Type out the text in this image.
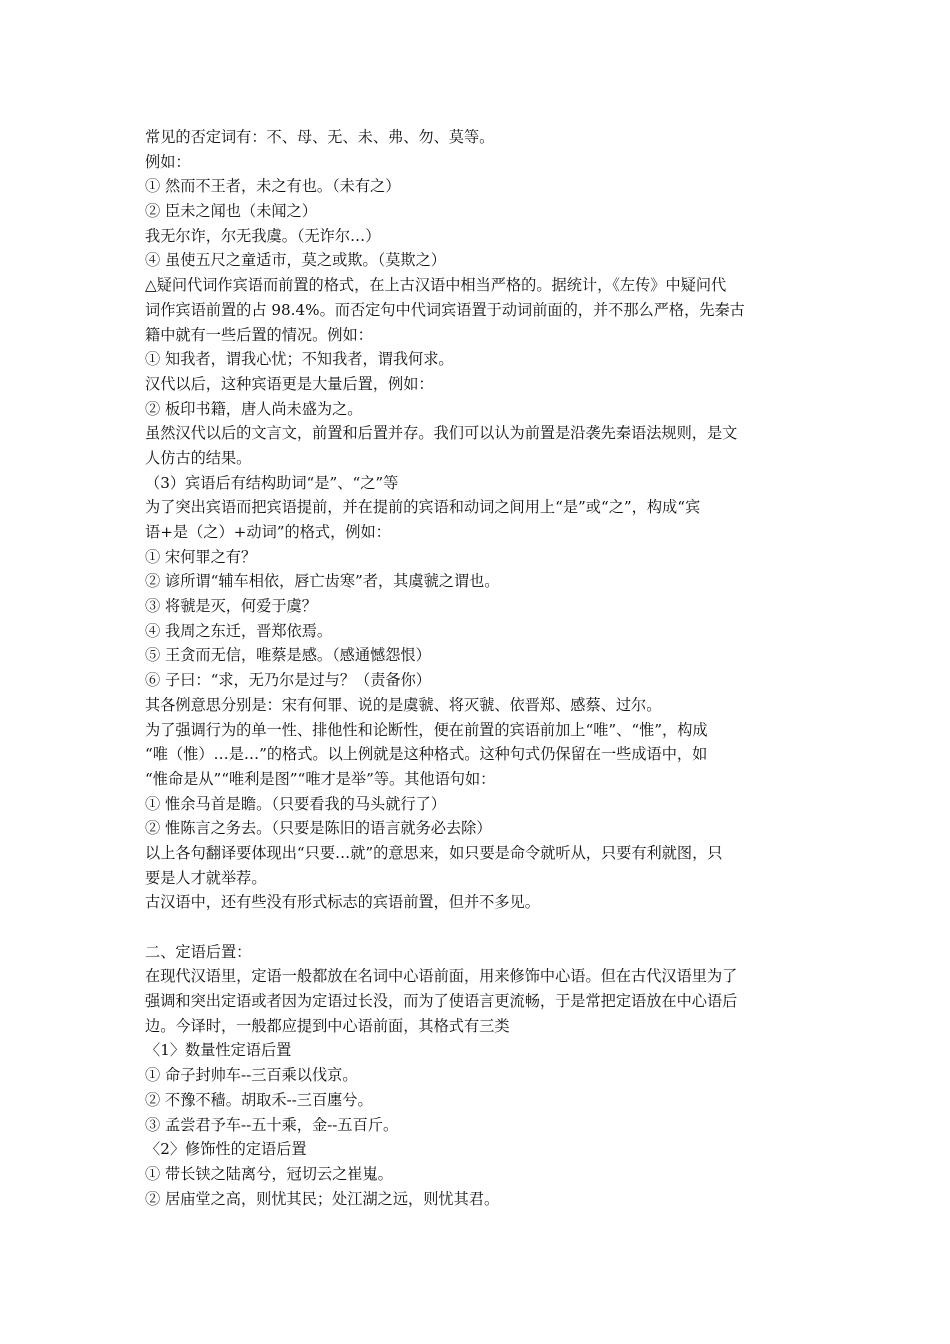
常见的否定词有：不、母、无、未、弗、勿、莫等。
例如：
① 然而不王者，未之有也。（未有之）
② 臣未之闻也（未闻之）
我无尔诈，尔无我虞。（无诈尔…）
④ 虽使五尺之童适市，莫之或欺。（莫欺之）
△疑问代词作宾语而前置的格式，在上古汉语中相当严格的。据统计，《左传》中疑问代
词作宾语前置的占 98.4%。而否定句中代词宾语置于动词前面的，并不那么严格，先秦古
籍中就有一些后置的情况。例如：
① 知我者，谓我心忧；不知我者，谓我何求。
汉代以后，这种宾语更是大量后置，例如：
② 板印书籍，唐人尚未盛为之。
虽然汉代以后的文言文，前置和后置并存。我们可以认为前置是沿袭先秦语法规则，是文
人仿古的结果。
（3）宾语后有结构助词“是”、“之”等
为了突出宾语而把宾语提前，并在提前的宾语和动词之间用上“是”或“之”，构成“宾
语+是（之）+动词”的格式，例如：
① 宋何罪之有？
② 谚所谓“辅车相依，唇亡齿寒”者，其虞虢之谓也。
③ 将虢是灭，何爱于虞？
④ 我周之东迁，晋郑依焉。
⑤ 王贪而无信，唯蔡是感。（感通憾怨恨）
⑥ 子曰：“求，无乃尔是过与？（责备你）
其各例意思分别是：宋有何罪、说的是虞虢、将灭虢、依晋郑、感蔡、过尔。
为了强调行为的单一性、排他性和论断性，便在前置的宾语前加上“唯”、“惟”，构成
“唯（惟）…是…”的格式。以上例就是这种格式。这种句式仍保留在一些成语中，如
“惟命是从”“唯利是图”“唯才是举”等。其他语句如：
① 惟余马首是瞻。（只要看我的马头就行了）
② 惟陈言之务去。（只要是陈旧的语言就务必去除）
以上各句翻译要体现出“只要…就”的意思来，如只要是命令就听从，只要有利就图，只
要是人才就举荐。
古汉语中，还有些没有形式标志的宾语前置，但并不多见。
二、定语后置：
在现代汉语里，定语一般都放在名词中心语前面，用来修饰中心语。但在古代汉语里为了
强调和突出定语或者因为定语过长没，而为了使语言更流畅，于是常把定语放在中心语后
边。今译时，一般都应提到中心语前面，其格式有三类
〈1〉数量性定语后置
① 命子封帅车--三百乘以伐京。
② 不豫不穑。胡取禾--三百廛兮。
③ 孟尝君予车--五十乘，金--五百斤。
〈2〉修饰性的定语后置
① 带长铗之陆离兮，冠切云之崔嵬。
② 居庙堂之高，则忧其民；处江湖之远，则忧其君。
